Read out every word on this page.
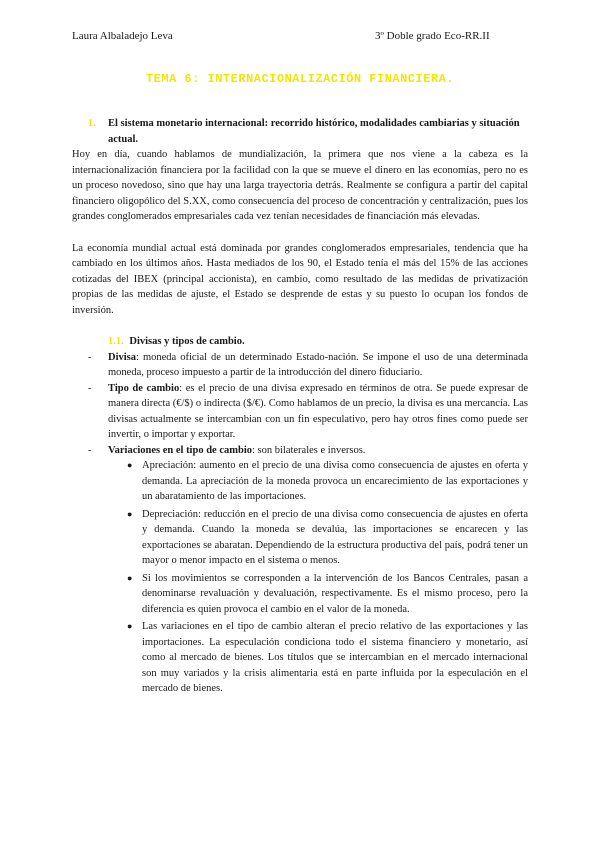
Laura Albaladejo Leva	3º Doble grado Eco-RR.II
TEMA 6: INTERNACIONALIZACIÓN FINANCIERA.
1. El sistema monetario internacional: recorrido histórico, modalidades cambiarias y situación actual.

Hoy en día, cuando hablamos de mundialización, la primera que nos viene a la cabeza es la internacionalización financiera por la facilidad con la que se mueve el dinero en las economías, pero no es un proceso novedoso, sino que hay una larga trayectoria detrás. Realmente se configura a partir del capital financiero oligopólico del S.XX, como consecuencia del proceso de concentración y centralización, pues los grandes conglomerados empresariales cada vez tenían necesidades de financiación más elevadas.

La economía mundial actual está dominada por grandes conglomerados empresariales, tendencia que ha cambiado en los últimos años. Hasta mediados de los 90, el Estado tenía el más del 15% de las acciones cotizadas del IBEX (principal accionista), en cambio, como resultado de las medidas de privatización propias de las medidas de ajuste, el Estado se desprende de estas y su puesto lo ocupan los fondos de inversión.

1.1. Divisas y tipos de cambio.
- Divisa: moneda oficial de un determinado Estado-nación. Se impone el uso de una determinada moneda, proceso impuesto a partir de la introducción del dinero fiduciario.
- Tipo de cambio: es el precio de una divisa expresado en términos de otra. Se puede expresar de manera directa (€/$) o indirecta ($/€). Como hablamos de un precio, la divisa es una mercancía. Las divisas actualmente se intercambian con un fin especulativo, pero hay otros fines como puede ser invertir, o importar y exportar.
- Variaciones en el tipo de cambio: son bilaterales e inversos.
● Apreciación: aumento en el precio de una divisa como consecuencia de ajustes en oferta y demanda. La apreciación de la moneda provoca un encarecimiento de las exportaciones y un abaratamiento de las importaciones.
● Depreciación: reducción en el precio de una divisa como consecuencia de ajustes en oferta y demanda. Cuando la moneda se devalúa, las importaciones se encarecen y las exportaciones se abaratan. Dependiendo de la estructura productiva del país, podrá tener un mayor o menor impacto en el sistema o menos.
● Si los movimientos se corresponden a la intervención de los Bancos Centrales, pasan a denominarse revaluación y devaluación, respectivamente. Es el mismo proceso, pero la diferencia es quien provoca el cambio en el valor de la moneda.
● Las variaciones en el tipo de cambio alteran el precio relativo de las exportaciones y las importaciones. La especulación condiciona todo el sistema financiero y monetario, así como al mercado de bienes. Los títulos que se intercambian en el mercado internacional son muy variados y la crisis alimentaria está en parte influida por la especulación en el mercado de bienes.
